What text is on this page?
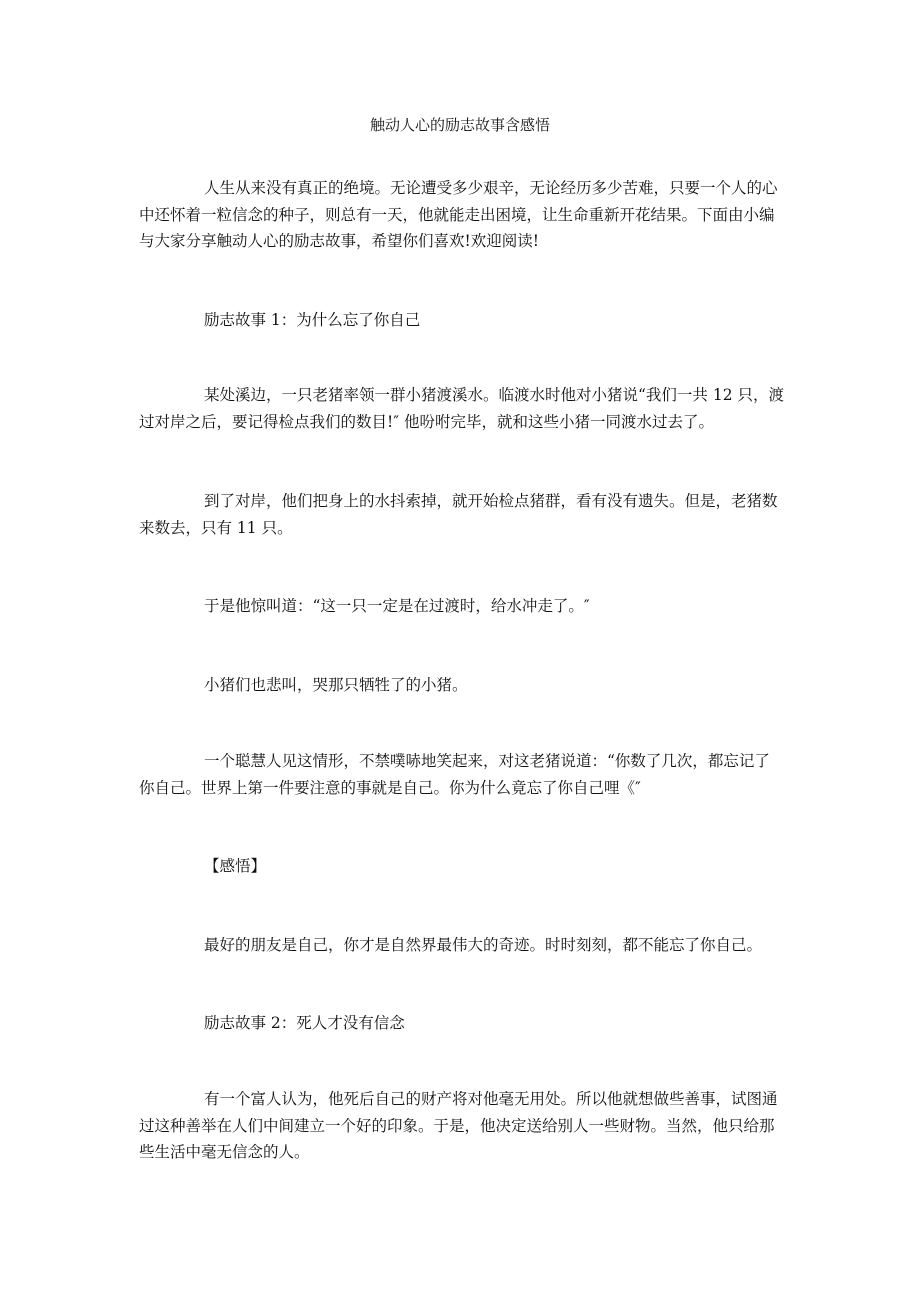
触动人心的励志故事含感悟

人生从来没有真正的绝境。无论遭受多少艰辛，无论经历多少苦难，只要一个人的心中还怀着一粒信念的种子，则总有一天，他就能走出困境，让生命重新开花结果。下面由小编与大家分享触动人心的励志故事，希望你们喜欢!欢迎阅读!

励志故事 1：为什么忘了你自己

某处溪边，一只老猪率领一群小猪渡溪水。临渡水时他对小猪说“我们一共 12 只，渡过对岸之后，要记得检点我们的数目!″ 他吩咐完毕，就和这些小猪一同渡水过去了。

到了对岸，他们把身上的水抖索掉，就开始检点猪群，看有没有遗失。但是，老猪数来数去，只有 11 只。

于是他惊叫道：“这一只一定是在过渡时，给水冲走了。″

小猪们也悲叫，哭那只牺牲了的小猪。

一个聪慧人见这情形，不禁噗哧地笑起来，对这老猪说道：“你数了几次，都忘记了你自己。世界上第一件要注意的事就是自己。你为什么竟忘了你自己哩《″

【感悟】

最好的朋友是自己，你才是自然界最伟大的奇迹。时时刻刻，都不能忘了你自己。

励志故事 2：死人才没有信念

有一个富人认为，他死后自己的财产将对他毫无用处。所以他就想做些善事，试图通过这种善举在人们中间建立一个好的印象。于是，他决定送给别人一些财物。当然，他只给那些生活中毫无信念的人。
